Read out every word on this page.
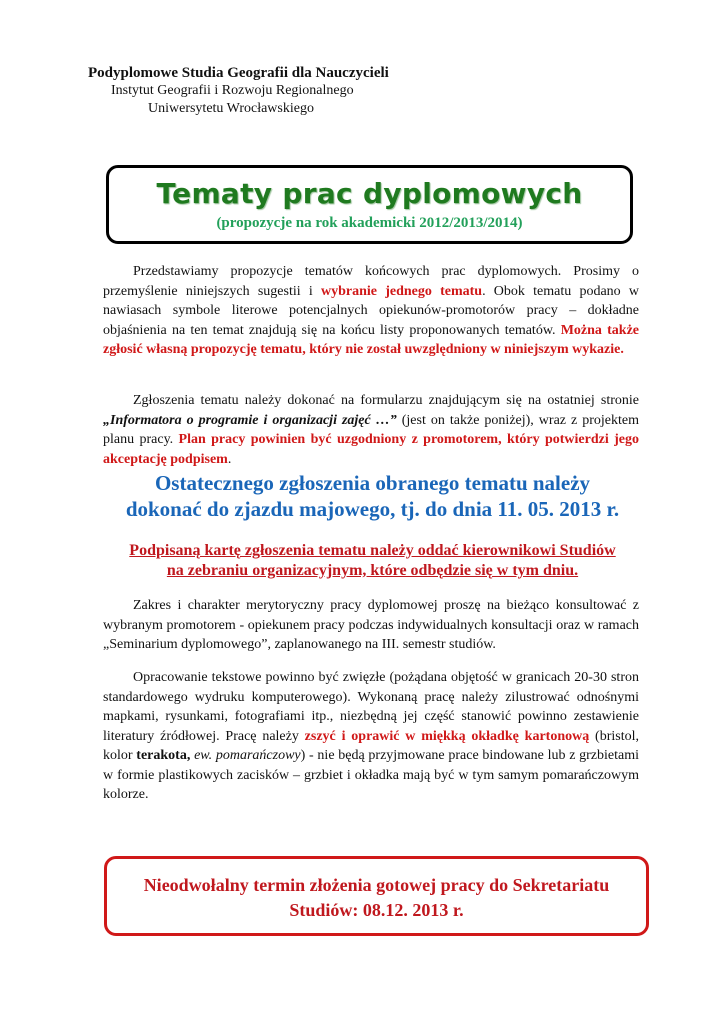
Podyplomowe Studia Geografii dla Nauczycieli
Instytut Geografii i Rozwoju Regionalnego
Uniwersytetu Wrocławskiego
Tematy prac dyplomowych
(propozycje na rok akademicki 2012/2013/2014)

Przedstawiamy propozycje tematów końcowych prac dyplomowych. Prosimy o przemyślenie niniejszych sugestii i wybranie jednego tematu. Obok tematu podano w nawiasach symbole literowe potencjalnych opiekunów-promotorów pracy – dokładne objaśnienia na ten temat znajdują się na końcu listy proponowanych tematów. Można także zgłosić własną propozycję tematu, który nie został uwzględniony w niniejszym wykazie.

Zgłoszenia tematu należy dokonać na formularzu znajdującym się na ostatniej stronie „Informatora o programie i organizacji zajęć …” (jest on także poniżej), wraz z projektem planu pracy. Plan pracy powinien być uzgodniony z promotorem, który potwierdzi jego akceptację podpisem.

Ostatecznego zgłoszenia obranego tematu należy
dokonać do zjazdu majowego, tj. do dnia 11. 05. 2013 r.
Podpisaną kartę zgłoszenia tematu należy oddać kierownikowi Studiów
na zebraniu organizacyjnym, które odbędzie się w tym dniu.

Zakres i charakter merytoryczny pracy dyplomowej proszę na bieżąco konsultować z wybranym promotorem - opiekunem pracy podczas indywidualnych konsultacji oraz w ramach „Seminarium dyplomowego”, zaplanowanego na III. semestr studiów.

Opracowanie tekstowe powinno być zwięzłe (pożądana objętość w granicach 20-30 stron standardowego wydruku komputerowego). Wykonaną pracę należy zilustrować odnośnymi mapkami, rysunkami, fotografiami itp., niezbędną jej część stanowić powinno zestawienie literatury źródłowej. Pracę należy zszyć i oprawić w miękką okładkę kartonową (bristol, kolor terakota, ew. pomarańczowy) - nie będą przyjmowane prace bindowane lub z grzbietami w formie plastikowych zacisków – grzbiet i okładka mają być w tym samym pomarańczowym kolorze.

Nieodwołalny termin złożenia gotowej pracy do Sekretariatu
Studiów: 08.12. 2013 r.
